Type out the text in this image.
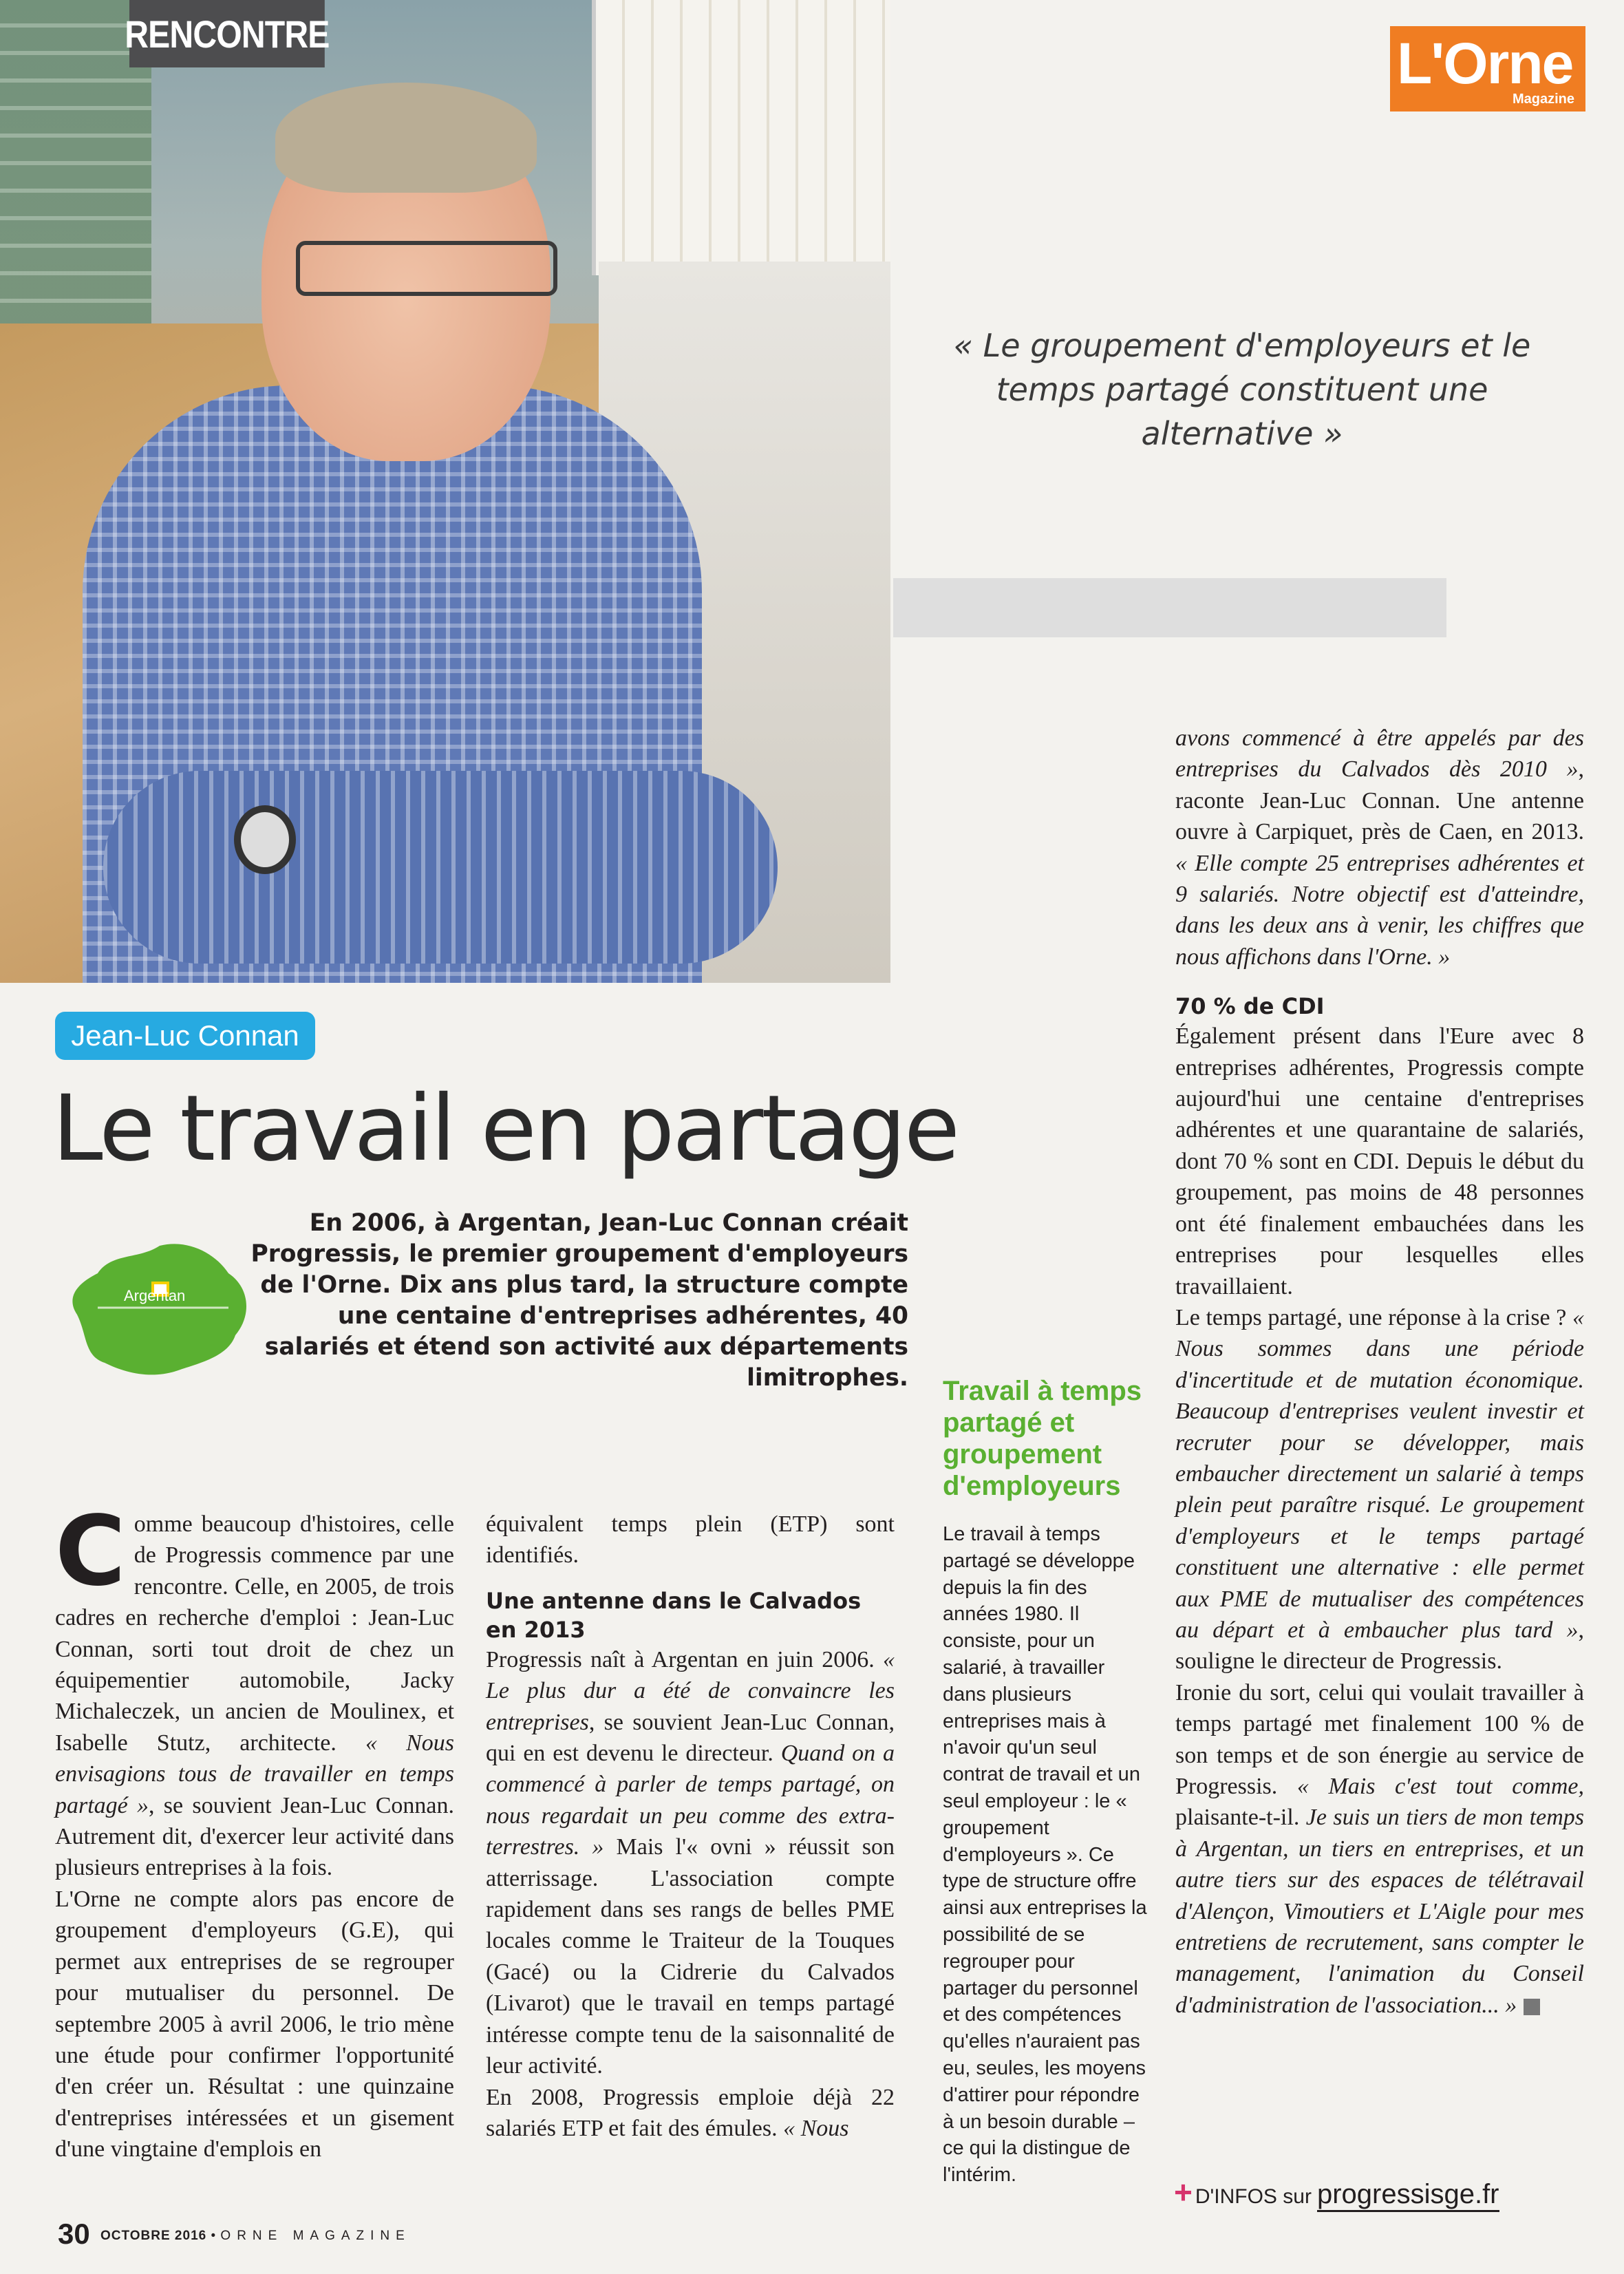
RENCONTRE	L'Orne
Magazine
« Le groupement d'employeurs et le temps partagé constituent une alternative »
Jean-Luc Connan
Le travail en partage
Argentan
En 2006, à Argentan, Jean-Luc Connan créait Progressis, le premier groupement d'employeurs de l'Orne. Dix ans plus tard, la structure compte une centaine d'entreprises adhérentes, 40 salariés et étend son activité aux départements limitrophes.

Comme beaucoup d'histoires, celle de Progressis commence par une rencontre. Celle, en 2005, de trois cadres en recherche d'emploi : Jean-Luc Connan, sorti tout droit de chez un équipementier automobile, Jacky Michaleczek, un ancien de Moulinex, et Isabelle Stutz, architecte. « Nous envisagions tous de travailler en temps partagé », se souvient Jean-Luc Connan. Autrement dit, d'exercer leur activité dans plusieurs entreprises à la fois.

L'Orne ne compte alors pas encore de groupement d'employeurs (G.E), qui permet aux entreprises de se regrouper pour mutualiser du personnel. De septembre 2005 à avril 2006, le trio mène une étude pour confirmer l'opportunité d'en créer un. Résultat : une quinzaine d'entreprises intéressées et un gisement d'une vingtaine d'emplois en

équivalent temps plein (ETP) sont identifiés.

Une antenne dans le Calvados en 2013

Progressis naît à Argentan en juin 2006. « Le plus dur a été de convaincre les entreprises, se souvient Jean-Luc Connan, qui en est devenu le directeur. Quand on a commencé à parler de temps partagé, on nous regardait un peu comme des extra-terrestres. » Mais l'« ovni » réussit son atterrissage. L'association compte rapidement dans ses rangs de belles PME locales comme le Traiteur de la Touques (Gacé) ou la Cidrerie du Calvados (Livarot) que le travail en temps partagé intéresse compte tenu de la saisonnalité de leur activité.

En 2008, Progressis emploie déjà 22 salariés ETP et fait des émules. « Nous

Travail à temps partagé et groupement d'employeurs
Le travail à temps partagé se développe depuis la fin des années 1980. Il consiste, pour un salarié, à travailler dans plusieurs entreprises mais à n'avoir qu'un seul contrat de travail et un seul employeur : le « groupement d'employeurs ». Ce type de structure offre ainsi aux entreprises la possibilité de se regrouper pour partager du personnel et des compétences qu'elles n'auraient pas eu, seules, les moyens d'attirer pour répondre à un besoin durable – ce qui la distingue de l'intérim.

avons commencé à être appelés par des entreprises du Calvados dès 2010 », raconte Jean-Luc Connan. Une antenne ouvre à Carpiquet, près de Caen, en 2013. « Elle compte 25 entreprises adhérentes et 9 salariés. Notre objectif est d'atteindre, dans les deux ans à venir, les chiffres que nous affichons dans l'Orne. »

70 % de CDI

Également présent dans l'Eure avec 8 entreprises adhérentes, Progressis compte aujourd'hui une centaine d'entreprises adhérentes et une quarantaine de salariés, dont 70 % sont en CDI. Depuis le début du groupement, pas moins de 48 personnes ont été finalement embauchées dans les entreprises pour lesquelles elles travaillaient.

Le temps partagé, une réponse à la crise ? « Nous sommes dans une période d'incertitude et de mutation économique. Beaucoup d'entreprises veulent investir et recruter pour se développer, mais embaucher directement un salarié à temps plein peut paraître risqué. Le groupement d'employeurs et le temps partagé constituent une alternative : elle permet aux PME de mutualiser des compétences au départ et à embaucher plus tard », souligne le directeur de Progressis.

Ironie du sort, celui qui voulait travailler à temps partagé met finalement 100 % de son temps et de son énergie au service de Progressis. « Mais c'est tout comme, plaisante-t-il. Je suis un tiers de mon temps à Argentan, un tiers en entreprises, et un autre tiers sur des espaces de télétravail d'Alençon, Vimoutiers et L'Aigle pour mes entretiens de recrutement, sans compter le management, l'animation du Conseil d'administration de l'association... »

30 OCTOBRE 2016 • ORNE MAGAZINE
+ D'INFOS sur progressisge.fr
